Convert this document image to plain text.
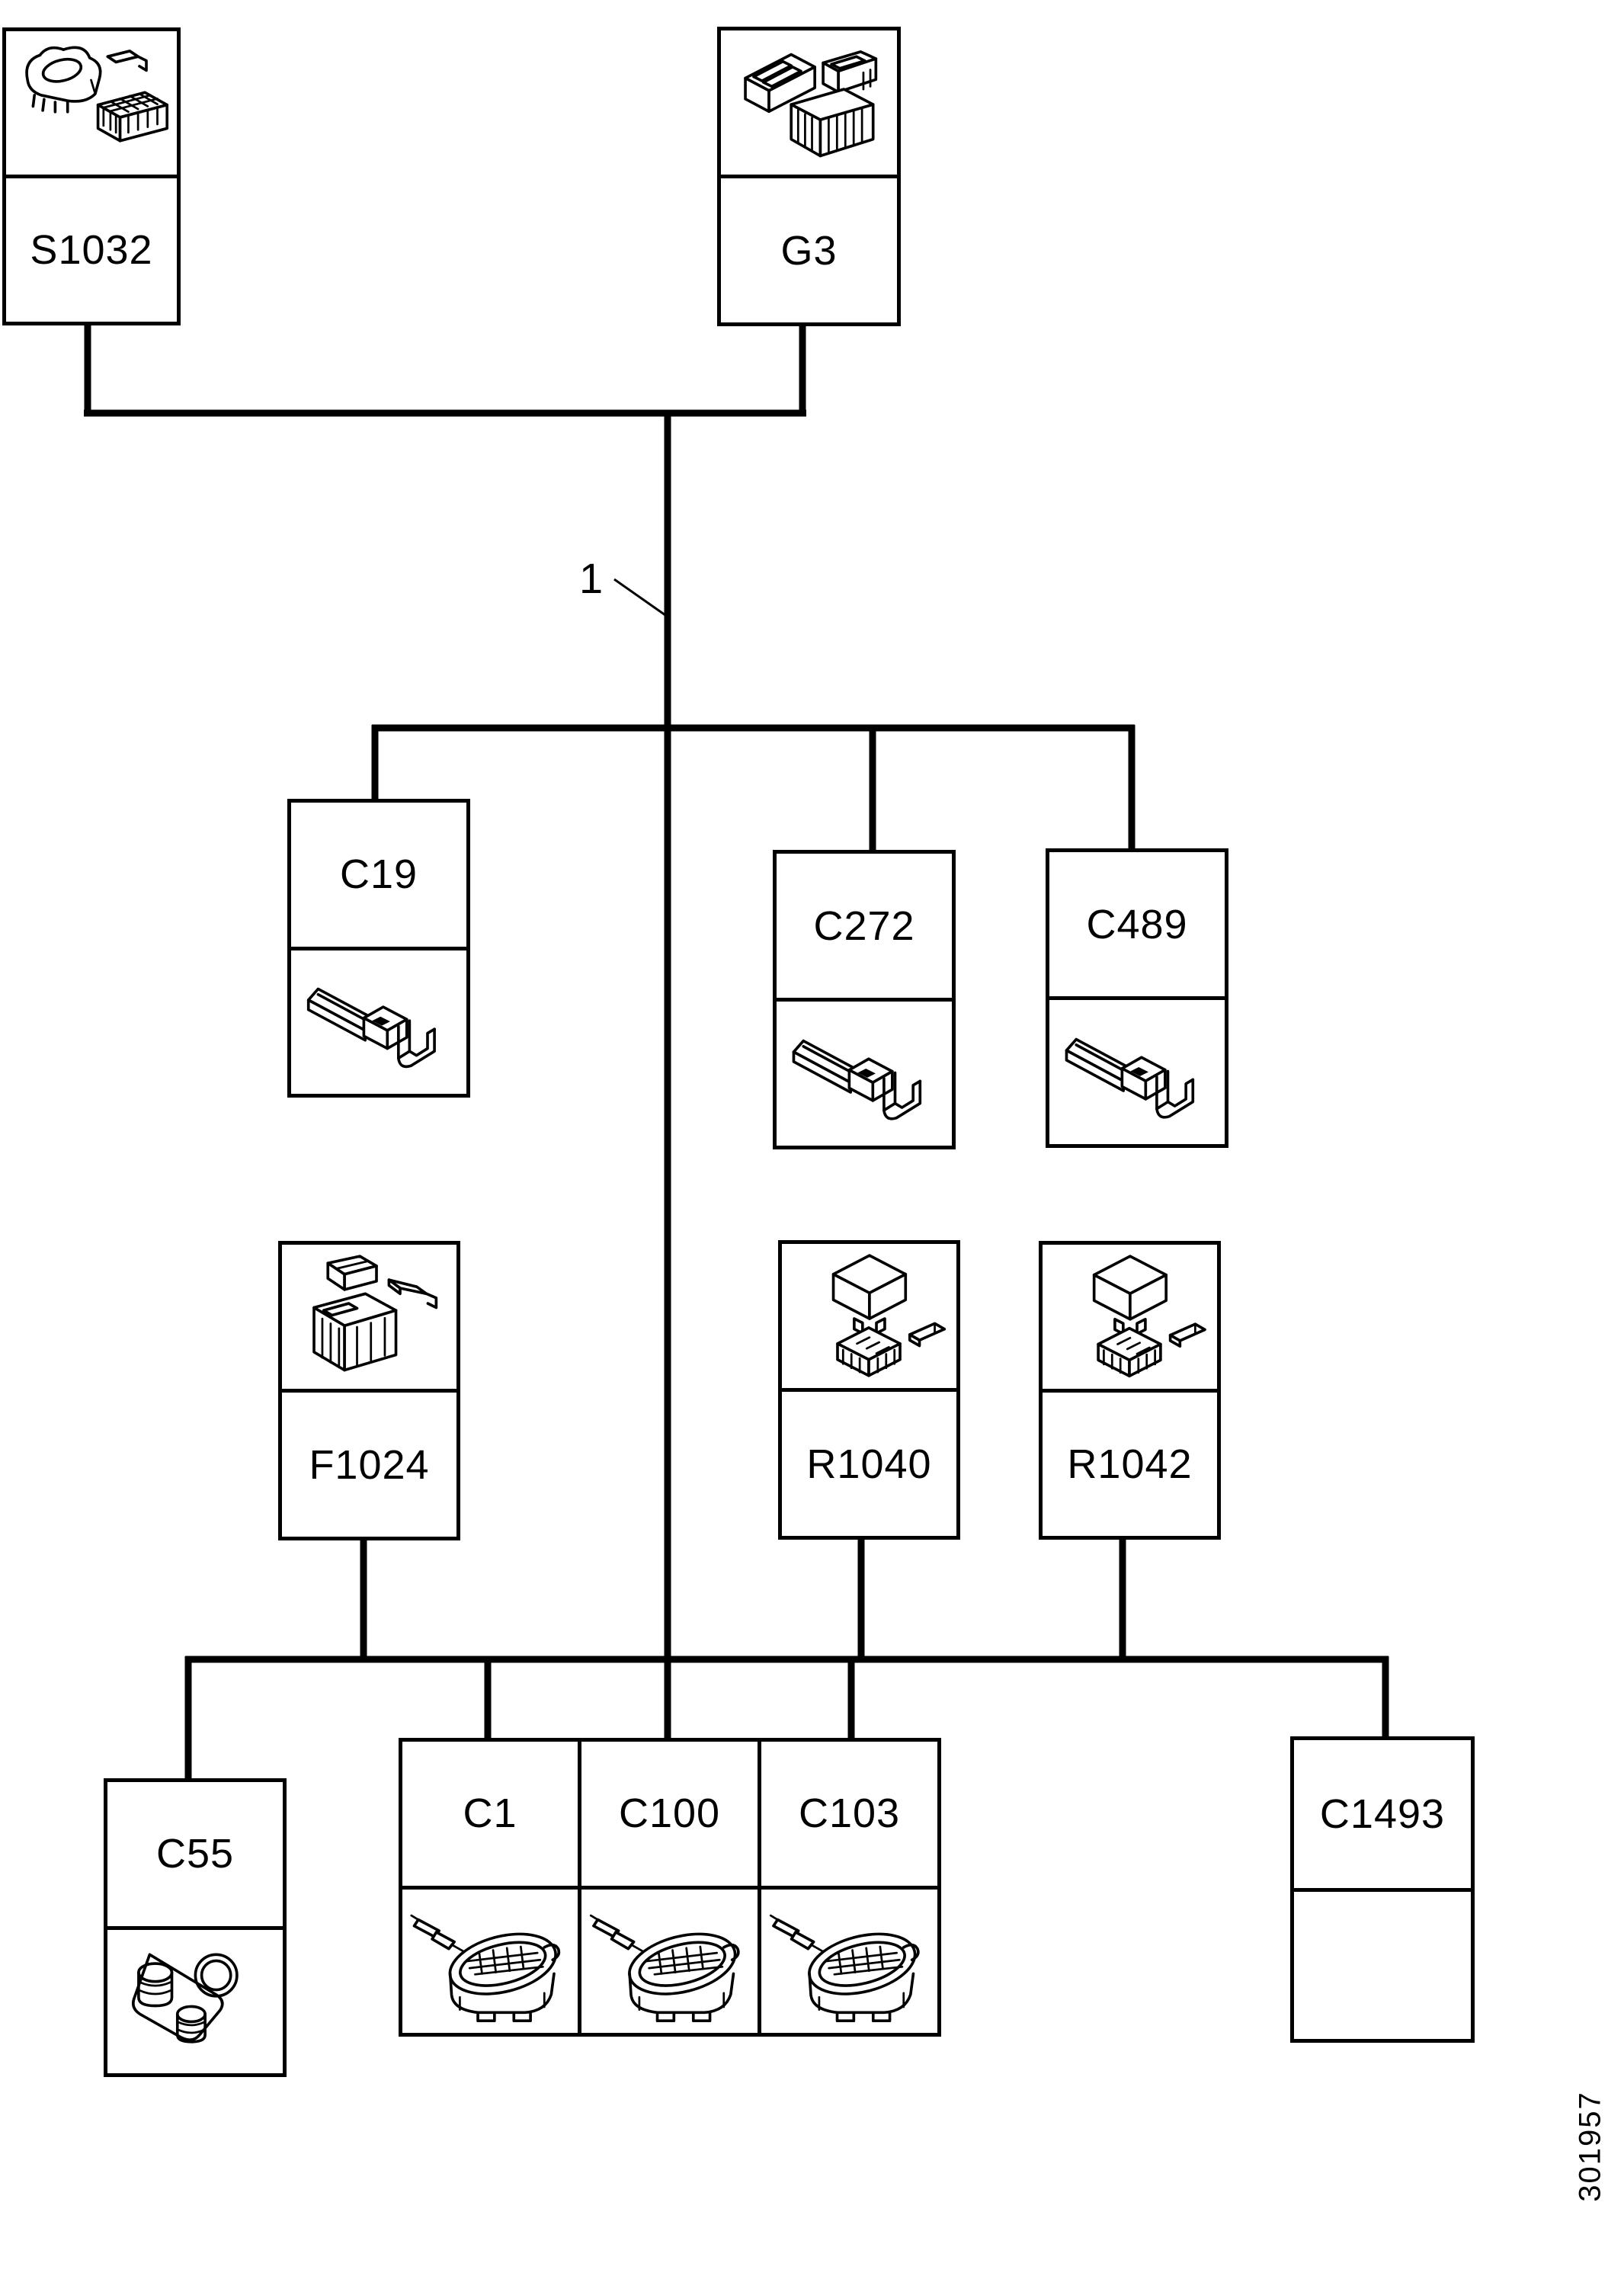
1
S1032	G3
C19
C272	C489
F1024	R1040	R1042
C55
C1	C100	C103	C1493
301957
